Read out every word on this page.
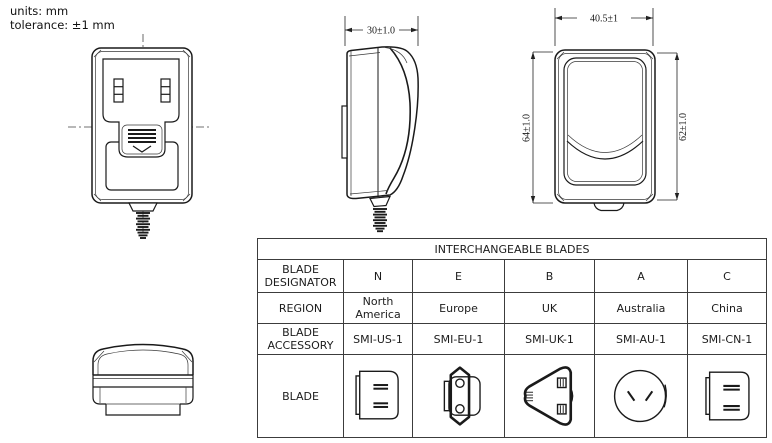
units: mm
tolerance: ±1 mm	30±1.0
40.5±1
64±1.0	62±1.0
INTERCHANGEABLE BLADES					
BLADE DESIGNATOR	N	E	B	A	C
REGION	North America	Europe	UK	Australia	China
BLADE ACCESSORY	SMI-US-1	SMI-EU-1	SMI-UK-1	SMI-AU-1	SMI-CN-1
BLADE	
